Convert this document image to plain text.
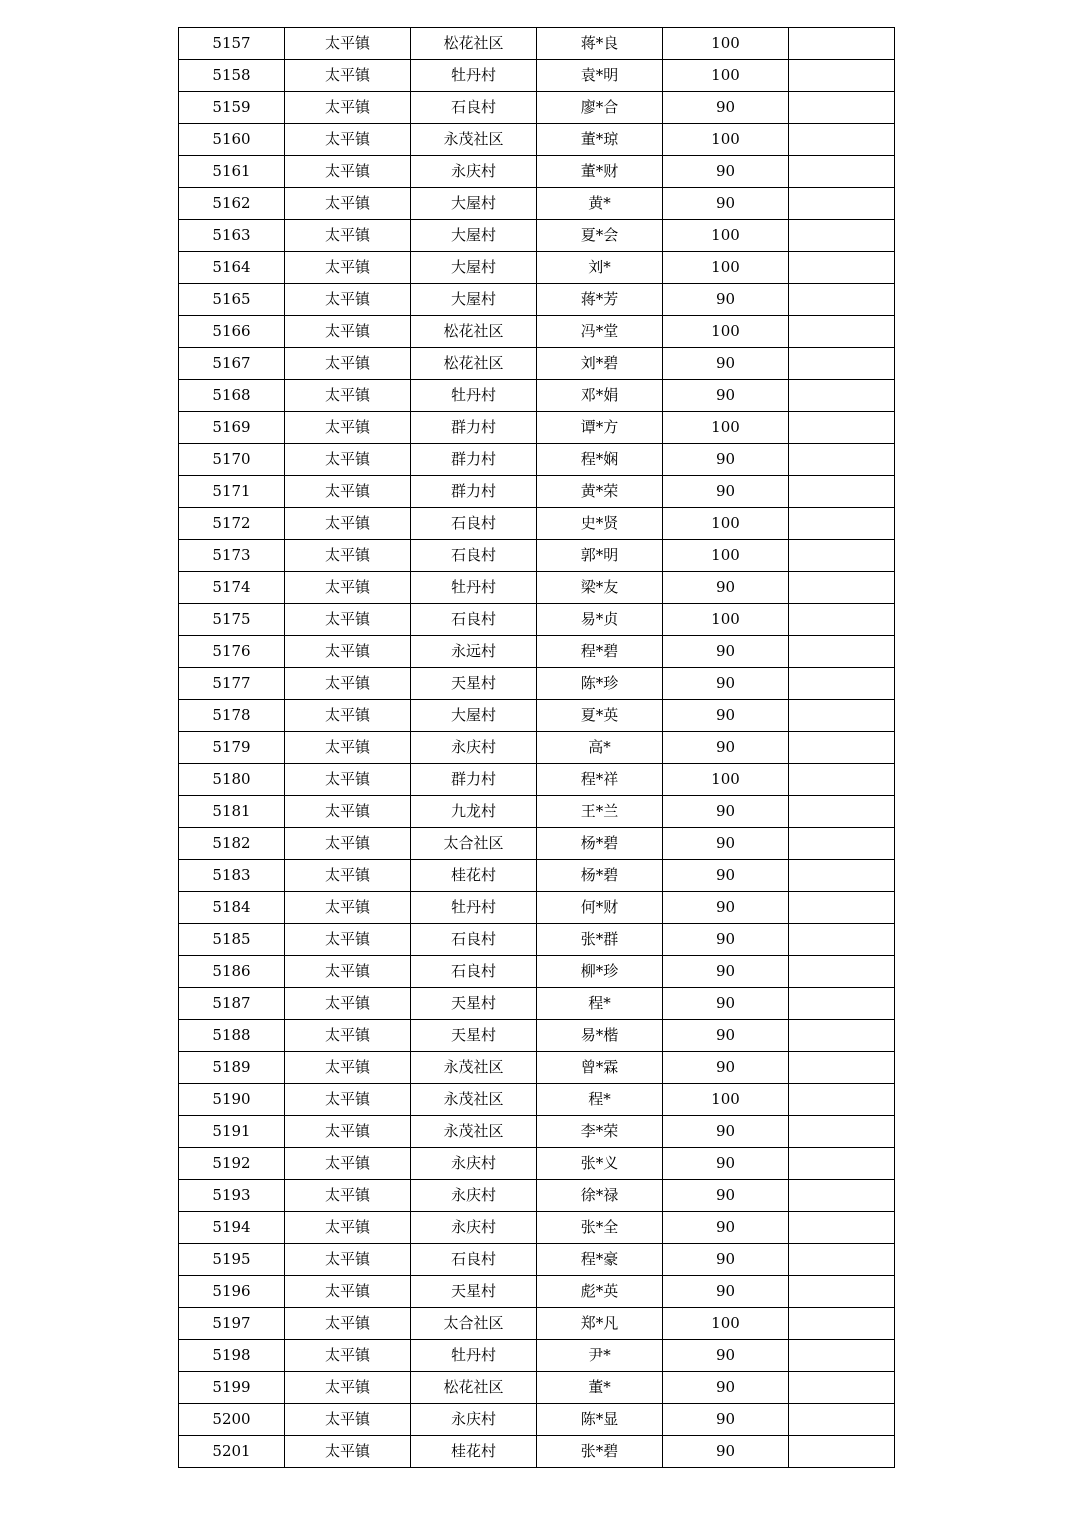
5157	太平镇	松花社区	蒋*良	100	
5158	太平镇	牡丹村	袁*明	100	
5159	太平镇	石良村	廖*合	90	
5160	太平镇	永茂社区	董*琼	100	
5161	太平镇	永庆村	董*财	90	
5162	太平镇	大屋村	黄*	90	
5163	太平镇	大屋村	夏*会	100	
5164	太平镇	大屋村	刘*	100	
5165	太平镇	大屋村	蒋*芳	90	
5166	太平镇	松花社区	冯*堂	100	
5167	太平镇	松花社区	刘*碧	90	
5168	太平镇	牡丹村	邓*娟	90	
5169	太平镇	群力村	谭*方	100	
5170	太平镇	群力村	程*娴	90	
5171	太平镇	群力村	黄*荣	90	
5172	太平镇	石良村	史*贤	100	
5173	太平镇	石良村	郭*明	100	
5174	太平镇	牡丹村	梁*友	90	
5175	太平镇	石良村	易*贞	100	
5176	太平镇	永远村	程*碧	90	
5177	太平镇	天星村	陈*珍	90	
5178	太平镇	大屋村	夏*英	90	
5179	太平镇	永庆村	高*	90	
5180	太平镇	群力村	程*祥	100	
5181	太平镇	九龙村	王*兰	90	
5182	太平镇	太合社区	杨*碧	90	
5183	太平镇	桂花村	杨*碧	90	
5184	太平镇	牡丹村	何*财	90	
5185	太平镇	石良村	张*群	90	
5186	太平镇	石良村	柳*珍	90	
5187	太平镇	天星村	程*	90	
5188	太平镇	天星村	易*楷	90	
5189	太平镇	永茂社区	曾*霖	90	
5190	太平镇	永茂社区	程*	100	
5191	太平镇	永茂社区	李*荣	90	
5192	太平镇	永庆村	张*义	90	
5193	太平镇	永庆村	徐*禄	90	
5194	太平镇	永庆村	张*全	90	
5195	太平镇	石良村	程*豪	90	
5196	太平镇	天星村	彪*英	90	
5197	太平镇	太合社区	郑*凡	100	
5198	太平镇	牡丹村	尹*	90	
5199	太平镇	松花社区	董*	90	
5200	太平镇	永庆村	陈*显	90	
5201	太平镇	桂花村	张*碧	90	
